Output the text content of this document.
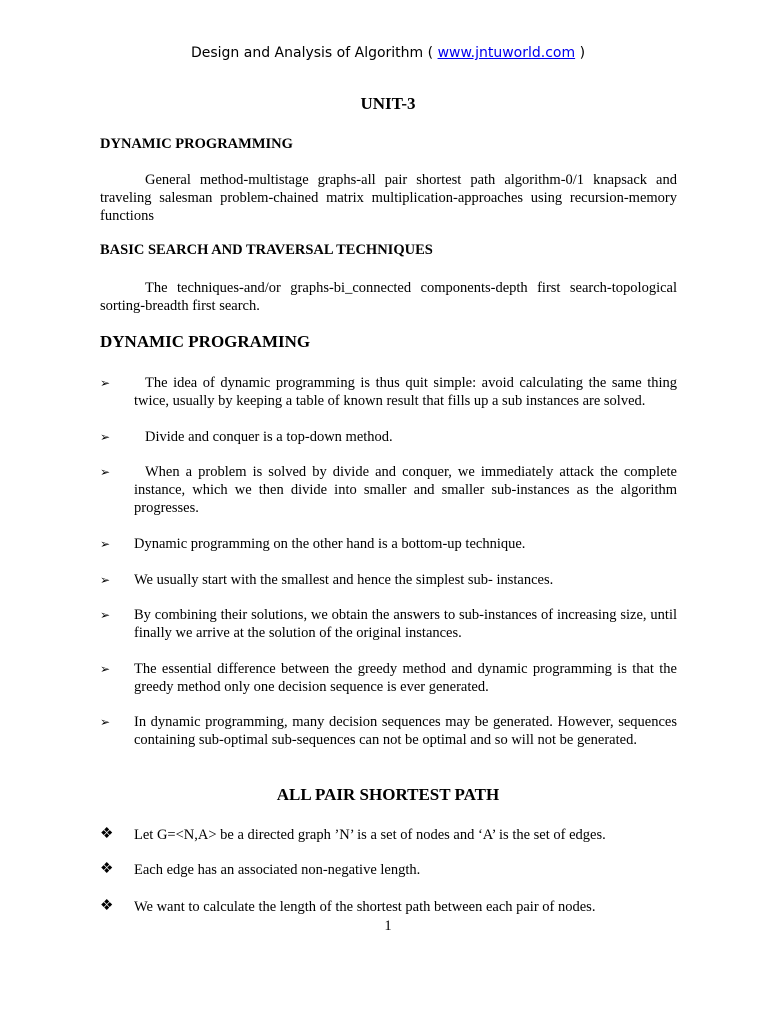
Design and Analysis of Algorithm ( www.jntuworld.com )
UNIT-3
DYNAMIC PROGRAMMING
General method-multistage graphs-all pair shortest path algorithm-0/1 knapsack and traveling salesman problem-chained matrix multiplication-approaches using recursion-memory functions
BASIC SEARCH AND TRAVERSAL TECHNIQUES
The techniques-and/or graphs-bi_connected components-depth first search-topological sorting-breadth first search.
DYNAMIC PROGRAMING
➢	The idea of dynamic programming is thus quit simple: avoid calculating the same thing twice, usually by keeping a table of known result that fills up a sub instances are solved.
➢	Divide and conquer is a top-down method.
➢	When a problem is solved by divide and conquer, we immediately attack the complete instance, which we then divide into smaller and smaller sub-instances as the algorithm progresses.
➢ Dynamic programming on the other hand is a bottom-up technique.
➢ We usually start with the smallest and hence the simplest sub- instances.
➢ By combining their solutions, we obtain the answers to sub-instances of increasing size, until finally we arrive at the solution of the original instances.
➢ The essential difference between the greedy method and dynamic programming is that the greedy method only one decision sequence is ever generated.
➢ In dynamic programming, many decision sequences may be generated. However, sequences containing sub-optimal sub-sequences can not be optimal and so will not be generated.
ALL PAIR SHORTEST PATH
❖ Let G=<N,A> be a directed graph ’N’ is a set of nodes and ‘A’ is the set of edges.
❖ Each edge has an associated non-negative length.
❖ We want to calculate the length of the shortest path between each pair of nodes.
1
